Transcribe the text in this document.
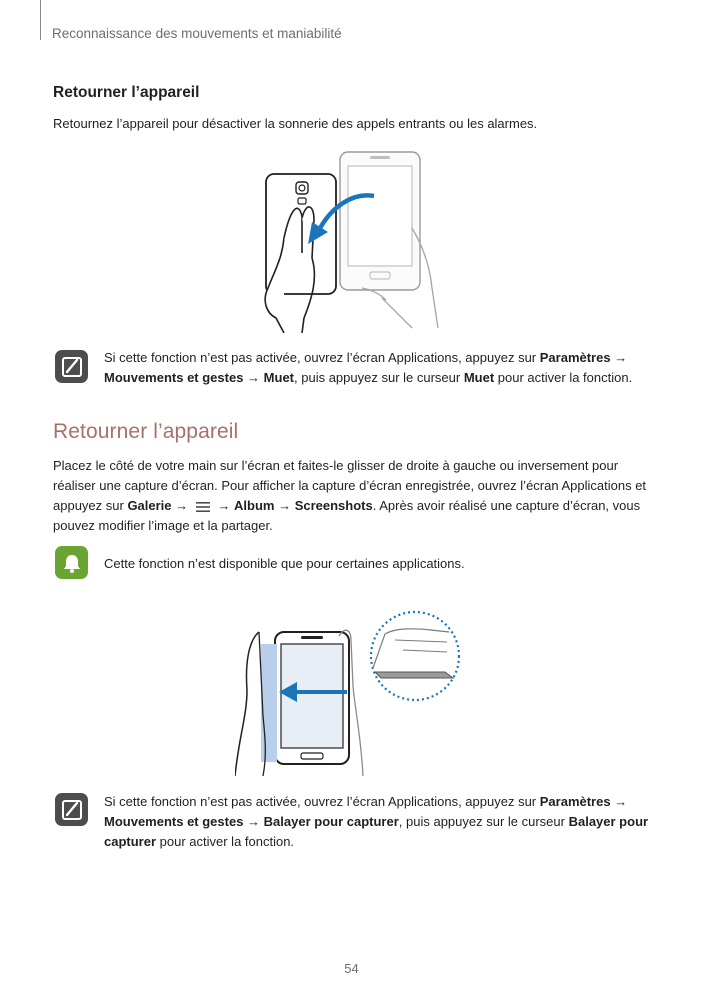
Reconnaissance des mouvements et maniabilité
Retourner l’appareil
Retournez l’appareil pour désactiver la sonnerie des appels entrants ou les alarmes.
Si cette fonction n’est pas activée, ouvrez l’écran Applications, appuyez sur Paramètres → Mouvements et gestes → Muet, puis appuyez sur le curseur Muet pour activer la fonction.
Retourner l’appareil
Placez le côté de votre main sur l’écran et faites-le glisser de droite à gauche ou inversement pour réaliser une capture d’écran. Pour afficher la capture d’écran enregistrée, ouvrez l’écran Applications et appuyez sur Galerie →  → Album → Screenshots. Après avoir réalisé une capture d’écran, vous pouvez modifier l’image et la partager.
Cette fonction n’est disponible que pour certaines applications.
Si cette fonction n’est pas activée, ouvrez l’écran Applications, appuyez sur Paramètres → Mouvements et gestes → Balayer pour capturer, puis appuyez sur le curseur Balayer pour capturer pour activer la fonction.
54
